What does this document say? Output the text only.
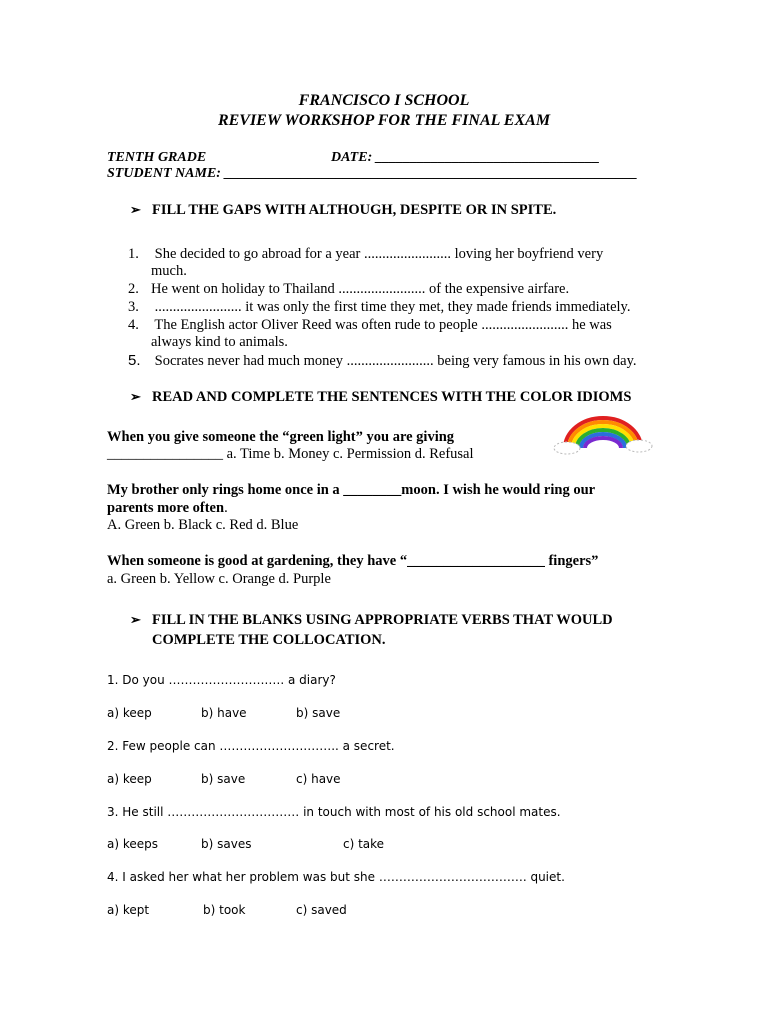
FRANCISCO I SCHOOL
REVIEW WORKSHOP FOR THE FINAL EXAM
TENTH GRADE	DATE: ________________________________
STUDENT NAME: ___________________________________________________________
➢ FILL THE GAPS WITH ALTHOUGH, DESPITE OR IN SPITE.
1. She decided to go abroad for a year ........................ loving her boyfriend very
much.
2. He went on holiday to Thailand ........................ of the expensive airfare.
3. ........................ it was only the first time they met, they made friends immediately.
4. The English actor Oliver Reed was often rude to people ........................ he was
always kind to animals.
5. Socrates never had much money ........................ being very famous in his own day.
➢ READ AND COMPLETE THE SENTENCES WITH THE COLOR IDIOMS
When you give someone the “green light” you are giving
________________ a. Time b. Money c. Permission d. Refusal
My brother only rings home once in a ________moon. I wish he would ring our
parents more often.
A. Green b. Black c. Red d. Blue
When someone is good at gardening, they have “___________________ fingers”
a. Green b. Yellow c. Orange d. Purple
➢ FILL IN THE BLANKS USING APPROPRIATE VERBS THAT WOULD
COMPLETE THE COLLOCATION.
1. Do you …………………….…. a diary?
a) keep	b) have	b) save
2. Few people can ………………….…….. a secret.
a) keep	b) save	c) have
3. He still …………………………… in touch with most of his old school mates.
a) keeps	b) saves	c) take
4. I asked her what her problem was but she ………………………………. quiet.
a) kept	b) took	c) saved
